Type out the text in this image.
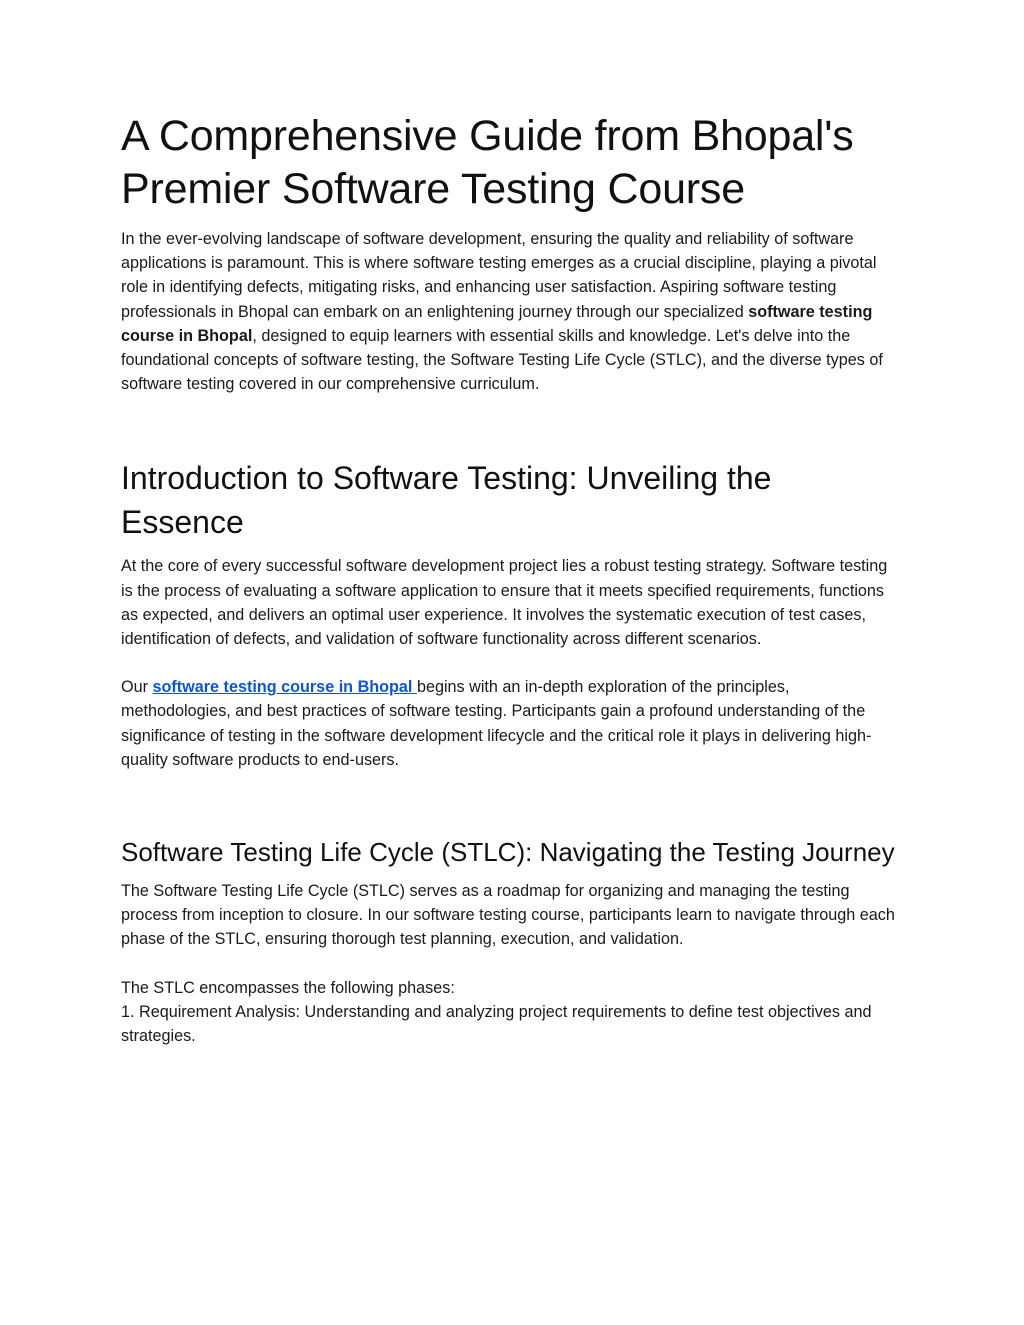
A Comprehensive Guide from Bhopal's Premier Software Testing Course

In the ever-evolving landscape of software development, ensuring the quality and reliability of software applications is paramount. This is where software testing emerges as a crucial discipline, playing a pivotal role in identifying defects, mitigating risks, and enhancing user satisfaction. Aspiring software testing professionals in Bhopal can embark on an enlightening journey through our specialized software testing course in Bhopal, designed to equip learners with essential skills and knowledge. Let's delve into the foundational concepts of software testing, the Software Testing Life Cycle (STLC), and the diverse types of software testing covered in our comprehensive curriculum.

Introduction to Software Testing: Unveiling the Essence

At the core of every successful software development project lies a robust testing strategy. Software testing is the process of evaluating a software application to ensure that it meets specified requirements, functions as expected, and delivers an optimal user experience. It involves the systematic execution of test cases, identification of defects, and validation of software functionality across different scenarios.

Our software testing course in Bhopal begins with an in-depth exploration of the principles, methodologies, and best practices of software testing. Participants gain a profound understanding of the significance of testing in the software development lifecycle and the critical role it plays in delivering high-quality software products to end-users.

Software Testing Life Cycle (STLC): Navigating the Testing Journey

The Software Testing Life Cycle (STLC) serves as a roadmap for organizing and managing the testing process from inception to closure. In our software testing course, participants learn to navigate through each phase of the STLC, ensuring thorough test planning, execution, and validation.

The STLC encompasses the following phases:
1. Requirement Analysis: Understanding and analyzing project requirements to define test objectives and strategies.
